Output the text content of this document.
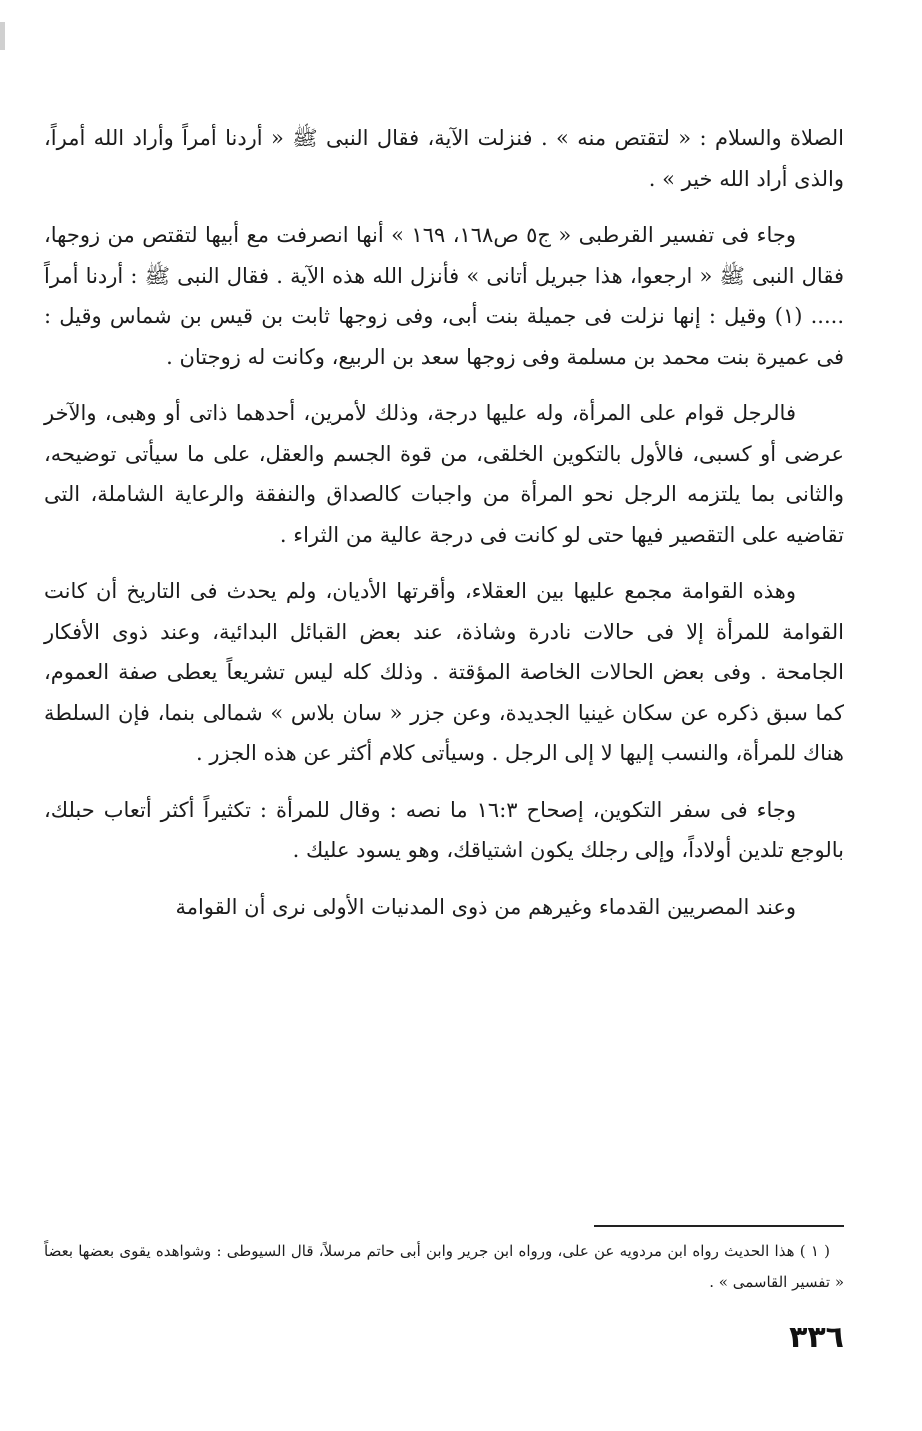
الصلاة والسلام : « لتقتص منه » . فنزلت الآية، فقال النبى ﷺ « أردنا أمراً وأراد الله أمراً، والذى أراد الله خير » .

وجاء فى تفسير القرطبى « ج٥ ص١٦٨، ١٦٩ » أنها انصرفت مع أبيها لتقتص من زوجها، فقال النبى ﷺ « ارجعوا، هذا جبريل أتانى » فأنزل الله هذه الآية . فقال النبى ﷺ : أردنا أمراً ..... (١) وقيل : إنها نزلت فى جميلة بنت أبى، وفى زوجها ثابت بن قيس بن شماس وقيل : فى عميرة بنت محمد بن مسلمة وفى زوجها سعد بن الربيع، وكانت له زوجتان .

فالرجل قوام على المرأة، وله عليها درجة، وذلك لأمرين، أحدهما ذاتى أو وهبى، والآخر عرضى أو كسبى، فالأول بالتكوين الخلقى، من قوة الجسم والعقل، على ما سيأتى توضيحه، والثانى بما يلتزمه الرجل نحو المرأة من واجبات كالصداق والنفقة والرعاية الشاملة، التى تقاضيه على التقصير فيها حتى لو كانت فى درجة عالية من الثراء .

وهذه القوامة مجمع عليها بين العقلاء، وأقرتها الأديان، ولم يحدث فى التاريخ أن كانت القوامة للمرأة إلا فى حالات نادرة وشاذة، عند بعض القبائل البدائية، وعند ذوى الأفكار الجامحة . وفى بعض الحالات الخاصة المؤقتة . وذلك كله ليس تشريعاً يعطى صفة العموم، كما سبق ذكره عن سكان غينيا الجديدة، وعن جزر « سان بلاس » شمالى بنما، فإن السلطة هناك للمرأة، والنسب إليها لا إلى الرجل . وسيأتى كلام أكثر عن هذه الجزر .

وجاء فى سفر التكوين، إصحاح ١٦:٣ ما نصه : وقال للمرأة : تكثيراً أكثر أتعاب حبلك، بالوجع تلدين أولاداً، وإلى رجلك يكون اشتياقك، وهو يسود عليك .

وعند المصريين القدماء وغيرهم من ذوى المدنيات الأولى نرى أن القوامة

( ١ ) هذا الحديث رواه ابن مردويه عن على، ورواه ابن جرير وابن أبى حاتم مرسلاً، قال السيوطى : وشواهده يقوى بعضها بعضاً « تفسير القاسمى » .

٣٣٦
